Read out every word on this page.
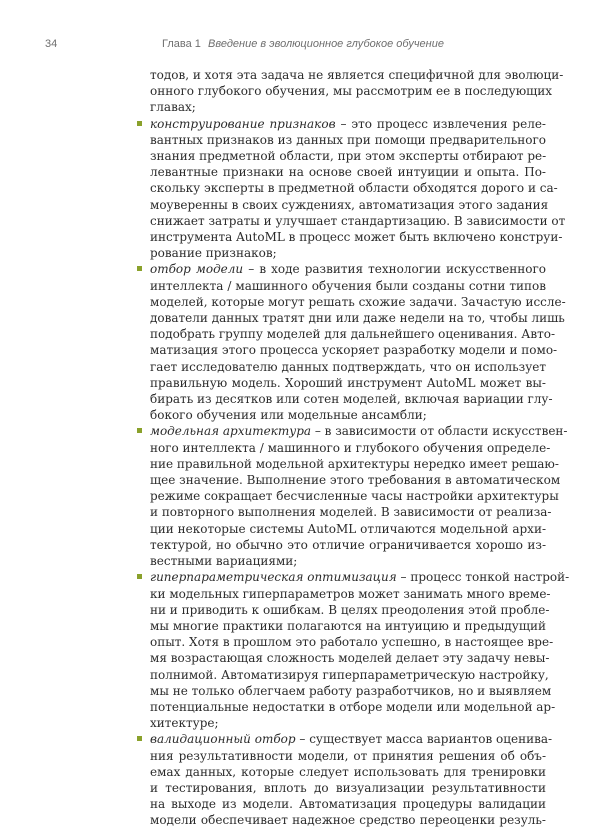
34	Глава 1 Введение в эволюционное глубокое обучение
тодов, и хотя эта задача не является специфичной для эволюци-
онного глубокого обучения, мы рассмотрим ее в последующих
главах;
конструирование признаков – это процесс извлечения реле-
вантных признаков из данных при помощи предварительного
знания предметной области, при этом эксперты отбирают ре-
левантные признаки на основе своей интуиции и опыта. По-
скольку эксперты в предметной области обходятся дорого и са-
моуверенны в своих суждениях, автоматизация этого задания
снижает затраты и улучшает стандартизацию. В зависимости от
инструмента AutoML в процесс может быть включено конструи-
рование признаков;
отбор модели – в ходе развития технологии искусственного
интеллекта / машинного обучения были созданы сотни типов
моделей, которые могут решать схожие задачи. Зачастую иссле-
дователи данных тратят дни или даже недели на то, чтобы лишь
подобрать группу моделей для дальнейшего оценивания. Авто-
матизация этого процесса ускоряет разработку модели и помо-
гает исследователю данных подтверждать, что он использует
правильную модель. Хороший инструмент AutoML может вы-
бирать из десятков или сотен моделей, включая вариации глу-
бокого обучения или модельные ансамбли;
модельная архитектура – в зависимости от области искусствен-
ного интеллекта / машинного и глубокого обучения определе-
ние правильной модельной архитектуры нередко имеет решаю-
щее значение. Выполнение этого требования в автоматическом
режиме сокращает бесчисленные часы настройки архитектуры
и повторного выполнения моделей. В зависимости от реализа-
ции некоторые системы AutoML отличаются модельной архи-
тектурой, но обычно это отличие ограничивается хорошо из-
вестными вариациями;
гиперпараметрическая оптимизация – процесс тонкой настрой-
ки модельных гиперпараметров может занимать много време-
ни и приводить к ошибкам. В целях преодоления этой пробле-
мы многие практики полагаются на интуицию и предыдущий
опыт. Хотя в прошлом это работало успешно, в настоящее вре-
мя возрастающая сложность моделей делает эту задачу невы-
полнимой. Автоматизируя гиперпараметрическую настройку,
мы не только облегчаем работу разработчиков, но и выявляем
потенциальные недостатки в отборе модели или модельной ар-
хитектуре;
валидационный отбор – существует масса вариантов оценива-
ния результативности модели, от принятия решения об объ-
емах данных, которые следует использовать для тренировки
и тестирования, вплоть до визуализации результативности
на выходе из модели. Автоматизация процедуры валидации
модели обеспечивает надежное средство переоценки резуль-
